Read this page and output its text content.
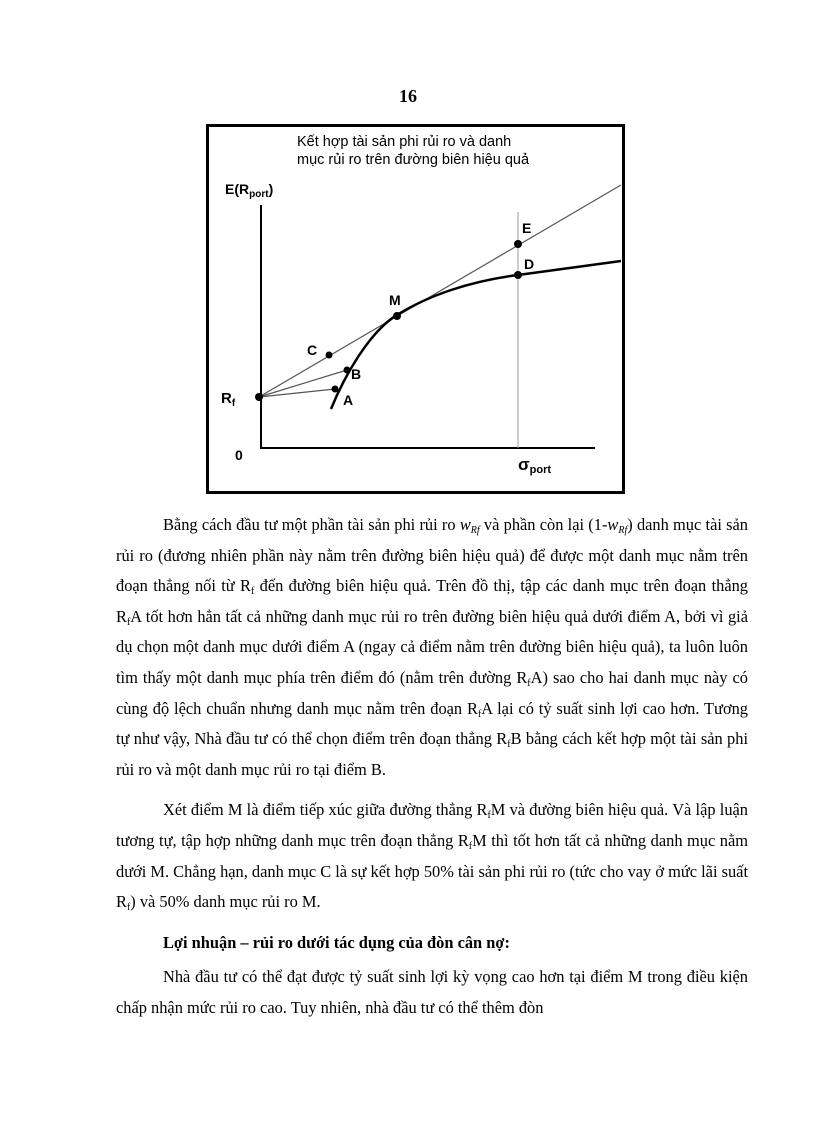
16
Kết hợp tài sản phi rủi ro và danh
mục rủi ro trên đường biên hiệu quả
$E(R_{port})$
σport
0
$R_f$	A
B
C
M
D
E

Bằng cách đầu tư một phần tài sản phi rủi ro $w_{Rf}$ và phần còn lại $(1-w_{Rf})$ danh mục tài sản rủi ro (đương nhiên phần này nằm trên đường biên hiệu quả) để được một danh mục nằm trên đoạn thẳng nối từ $R_f$ đến đường biên hiệu quả. Trên đồ thị, tập các danh mục trên đoạn thẳng $R_fA$ tốt hơn hẳn tất cả những danh mục rủi ro trên đường biên hiệu quả dưới điểm A, bởi vì giả dụ chọn một danh mục dưới điểm A (ngay cả điểm nằm trên đường biên hiệu quả), ta luôn luôn tìm thấy một danh mục phía trên điểm đó (nằm trên đường $R_fA$) sao cho hai danh mục này có cùng độ lệch chuẩn nhưng danh mục nằm trên đoạn $R_fA$ lại có tỷ suất sinh lợi cao hơn. Tương tự như vậy, Nhà đầu tư có thể chọn điểm trên đoạn thẳng $R_fB$ bằng cách kết hợp một tài sản phi rủi ro và một danh mục rủi ro tại điểm B.

Xét điểm M là điểm tiếp xúc giữa đường thẳng $R_fM$ và đường biên hiệu quả. Và lập luận tương tự, tập hợp những danh mục trên đoạn thẳng $R_fM$ thì tốt hơn tất cả những danh mục nằm dưới M. Chẳng hạn, danh mục C là sự kết hợp 50% tài sản phi rủi ro (tức cho vay ở mức lãi suất $R_f$) và 50% danh mục rủi ro M.

Lợi nhuận – rủi ro dưới tác dụng của đòn cân nợ:

Nhà đầu tư có thể đạt được tỷ suất sinh lợi kỳ vọng cao hơn tại điểm M trong điều kiện chấp nhận mức rủi ro cao. Tuy nhiên, nhà đầu tư có thể thêm đòn
